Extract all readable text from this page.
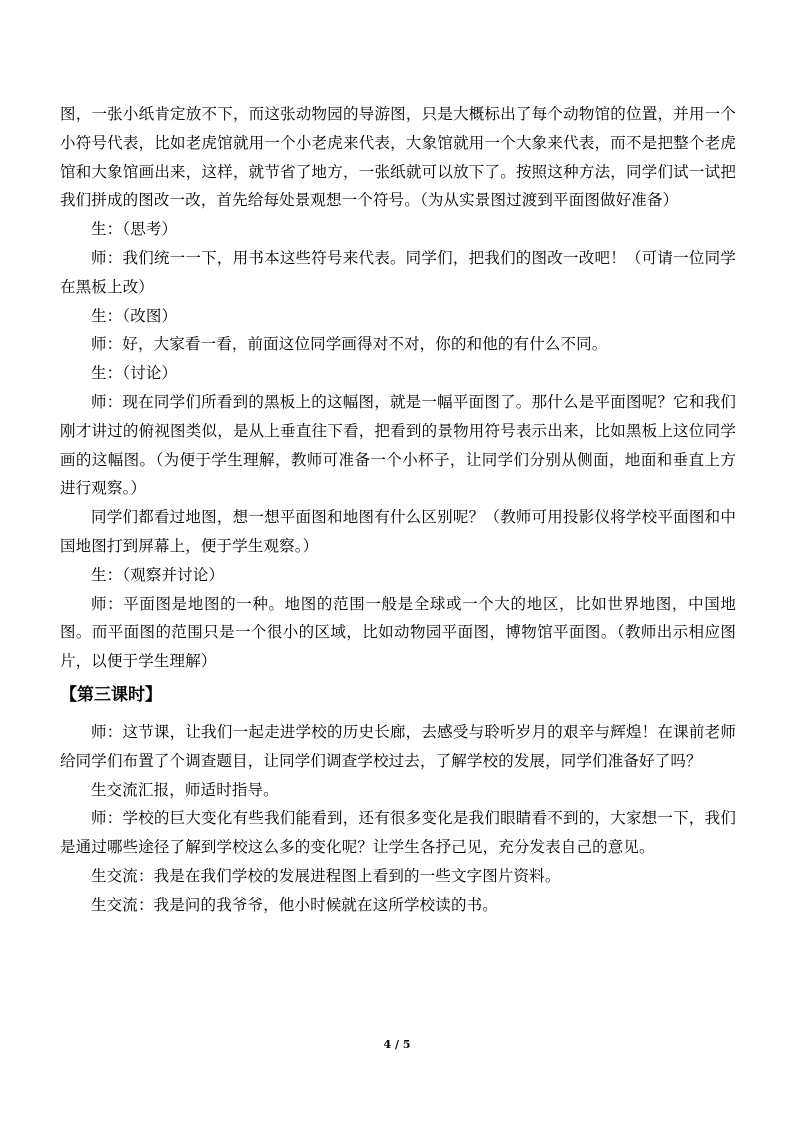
图，一张小纸肯定放不下，而这张动物园的导游图，只是大概标出了每个动物馆的位置，并用一个小符号代表，比如老虎馆就用一个小老虎来代表，大象馆就用一个大象来代表，而不是把整个老虎馆和大象馆画出来，这样，就节省了地方，一张纸就可以放下了。按照这种方法，同学们试一试把我们拼成的图改一改，首先给每处景观想一个符号。（为从实景图过渡到平面图做好准备）

生：（思考）

师：我们统一一下，用书本这些符号来代表。同学们，把我们的图改一改吧！（可请一位同学在黑板上改）

生：（改图）

师：好，大家看一看，前面这位同学画得对不对，你的和他的有什么不同。

生：（讨论）

师：现在同学们所看到的黑板上的这幅图，就是一幅平面图了。那什么是平面图呢？它和我们刚才讲过的俯视图类似，是从上垂直往下看，把看到的景物用符号表示出来，比如黑板上这位同学画的这幅图。（为便于学生理解，教师可准备一个小杯子，让同学们分别从侧面，地面和垂直上方进行观察。）

同学们都看过地图，想一想平面图和地图有什么区别呢？（教师可用投影仪将学校平面图和中国地图打到屏幕上，便于学生观察。）

生：（观察并讨论）

师：平面图是地图的一种。地图的范围一般是全球或一个大的地区，比如世界地图，中国地图。而平面图的范围只是一个很小的区域，比如动物园平面图，博物馆平面图。（教师出示相应图片，以便于学生理解）

【第三课时】

师：这节课，让我们一起走进学校的历史长廊，去感受与聆听岁月的艰辛与辉煌！在课前老师给同学们布置了个调查题目，让同学们调查学校过去，了解学校的发展，同学们准备好了吗？

生交流汇报，师适时指导。

师：学校的巨大变化有些我们能看到，还有很多变化是我们眼睛看不到的，大家想一下，我们是通过哪些途径了解到学校这么多的变化呢？让学生各抒己见，充分发表自己的意见。

生交流：我是在我们学校的发展进程图上看到的一些文字图片资料。

生交流：我是问的我爷爷，他小时候就在这所学校读的书。

4 / 5
